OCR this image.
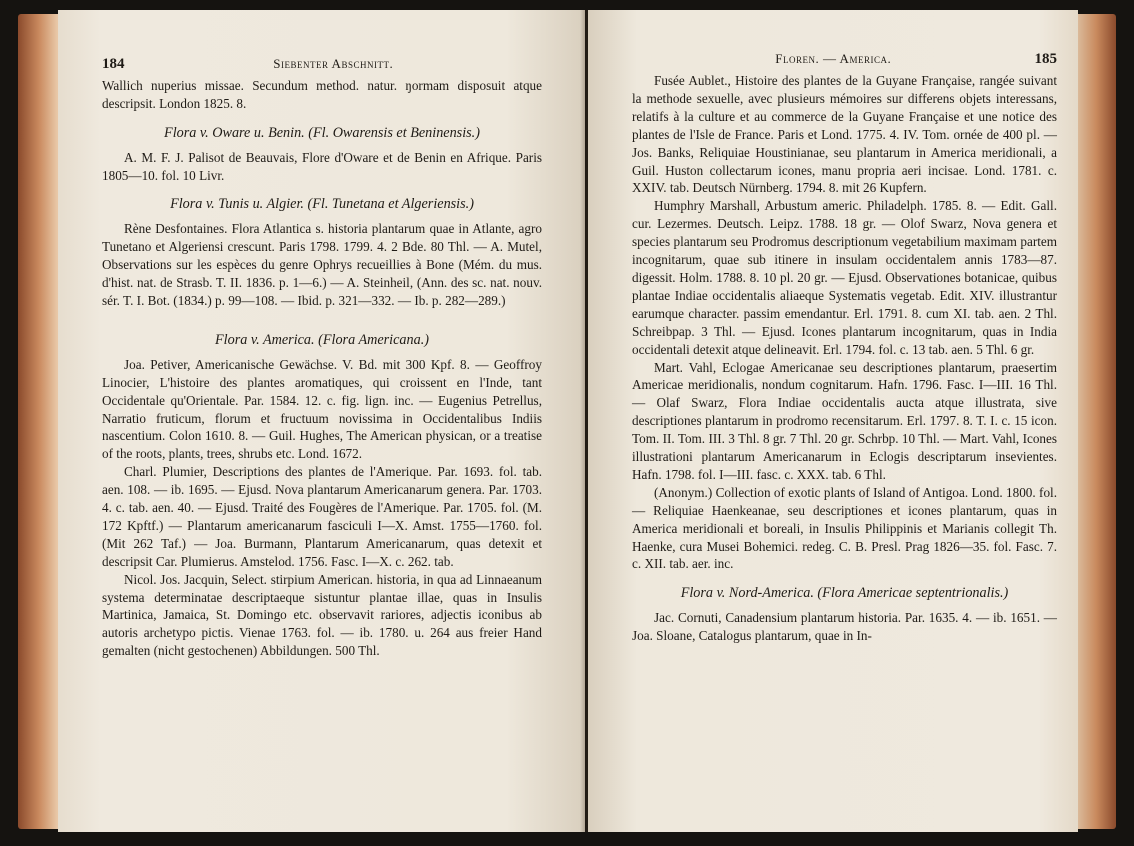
184	Siebenter Abschnitt.

Wallich nuperius missae. Secundum method. natur. ŋormam disposuit atque descripsit. London 1825. 8.

Flora v. Oware u. Benin. (Fl. Owarensis et Beninensis.)

A. M. F. J. Palisot de Beauvais, Flore d'Oware et de Benin en Afrique. Paris 1805—10. fol. 10 Livr.

Flora v. Tunis u. Algier. (Fl. Tunetana et Algeriensis.)

Rène Desfontaines. Flora Atlantica s. historia plantarum quae in Atlante, agro Tunetano et Algeriensi crescunt. Paris 1798. 1799. 4. 2 Bde. 80 Thl. — A. Mutel, Observations sur les espèces du genre Ophrys recueillies à Bone (Mém. du mus. d'hist. nat. de Strasb. T. II. 1836. p. 1—6.) — A. Steinheil, (Ann. des sc. nat. nouv. sér. T. I. Bot. (1834.) p. 99—108. — Ibid. p. 321—332. — Ib. p. 282—289.)

Flora v. America. (Flora Americana.)

Joa. Petiver, Americanische Gewächse. V. Bd. mit 300 Kpf. 8. — Geoffroy Linocier, L'histoire des plantes aromatiques, qui croissent en l'Inde, tant Occidentale qu'Orientale. Par. 1584. 12. c. fig. lign. inc. — Eugenius Petrellus, Narratio fruticum, florum et fructuum novissima in Occidentalibus Indiis nascentium. Colon 1610. 8. — Guil. Hughes, The American physican, or a treatise of the roots, plants, trees, shrubs etc. Lond. 1672.

Charl. Plumier, Descriptions des plantes de l'Amerique. Par. 1693. fol. tab. aen. 108. — ib. 1695. — Ejusd. Nova plantarum Americanarum genera. Par. 1703. 4. c. tab. aen. 40. — Ejusd. Traité des Fougères de l'Amerique. Par. 1705. fol. (M. 172 Kpftf.) — Plantarum americanarum fasciculi I—X. Amst. 1755—1760. fol. (Mit 262 Taf.) — Joa. Burmann, Plantarum Americanarum, quas detexit et descripsit Car. Plumierus. Amstelod. 1756. Fasc. I—X. c. 262. tab.

Nicol. Jos. Jacquin, Select. stirpium American. historia, in qua ad Linnaeanum systema determinatae descriptaeque sistuntur plantae illae, quas in Insulis Martinica, Jamaica, St. Domingo etc. observavit rariores, adjectis iconibus ab autoris archetypo pictis. Vienae 1763. fol. — ib. 1780. u. 264 aus freier Hand gemalten (nicht gestochenen) Abbildungen. 500 Thl.

Floren. — America.	185

Fusée Aublet., Histoire des plantes de la Guyane Française, rangée suivant la methode sexuelle, avec plusieurs mémoires sur differens objets interessans, relatifs à la culture et au commerce de la Guyane Française et une notice des plantes de l'Isle de France. Paris et Lond. 1775. 4. IV. Tom. ornée de 400 pl. — Jos. Banks, Reliquiae Houstinianae, seu plantarum in America meridionali, a Guil. Huston collectarum icones, manu propria aeri incisae. Lond. 1781. c. XXIV. tab. Deutsch Nürnberg. 1794. 8. mit 26 Kupfern.

Humphry Marshall, Arbustum americ. Philadelph. 1785. 8. — Edit. Gall. cur. Lezermes. Deutsch. Leipz. 1788. 18 gr. — Olof Swarz, Nova genera et species plantarum seu Prodromus descriptionum vegetabilium maximam partem incognitarum, quae sub itinere in insulam occidentalem annis 1783—87. digessit. Holm. 1788. 8. 10 pl. 20 gr. — Ejusd. Observationes botanicae, quibus plantae Indiae occidentalis aliaeque Systematis vegetab. Edit. XIV. illustrantur earumque character. passim emendantur. Erl. 1791. 8. cum XI. tab. aen. 2 Thl. Schreibpap. 3 Thl. — Ejusd. Icones plantarum incognitarum, quas in India occidentali detexit atque delineavit. Erl. 1794. fol. c. 13 tab. aen. 5 Thl. 6 gr.

Mart. Vahl, Eclogae Americanae seu descriptiones plantarum, praesertim Americae meridionalis, nondum cognitarum. Hafn. 1796. Fasc. I—III. 16 Thl. — Olaf Swarz, Flora Indiae occidentalis aucta atque illustrata, sive descriptiones plantarum in prodromo recensitarum. Erl. 1797. 8. T. I. c. 15 icon. Tom. II. Tom. III. 3 Thl. 8 gr. 7 Thl. 20 gr. Schrbp. 10 Thl. — Mart. Vahl, Icones illustrationi plantarum Americanarum in Eclogis descriptarum insevientes. Hafn. 1798. fol. I—III. fasc. c. XXX. tab. 6 Thl.

(Anonym.) Collection of exotic plants of Island of Antigoa. Lond. 1800. fol. — Reliquiae Haenkeanae, seu descriptiones et icones plantarum, quas in America meridionali et boreali, in Insulis Philippinis et Marianis collegit Th. Haenke, cura Musei Bohemici. redeg. C. B. Presl. Prag 1826—35. fol. Fasc. 7. c. XII. tab. aer. inc.

Flora v. Nord-America. (Flora Americae septentrionalis.)

Jac. Cornuti, Canadensium plantarum historia. Par. 1635. 4. — ib. 1651. — Joa. Sloane, Catalogus plantarum, quae in In-
